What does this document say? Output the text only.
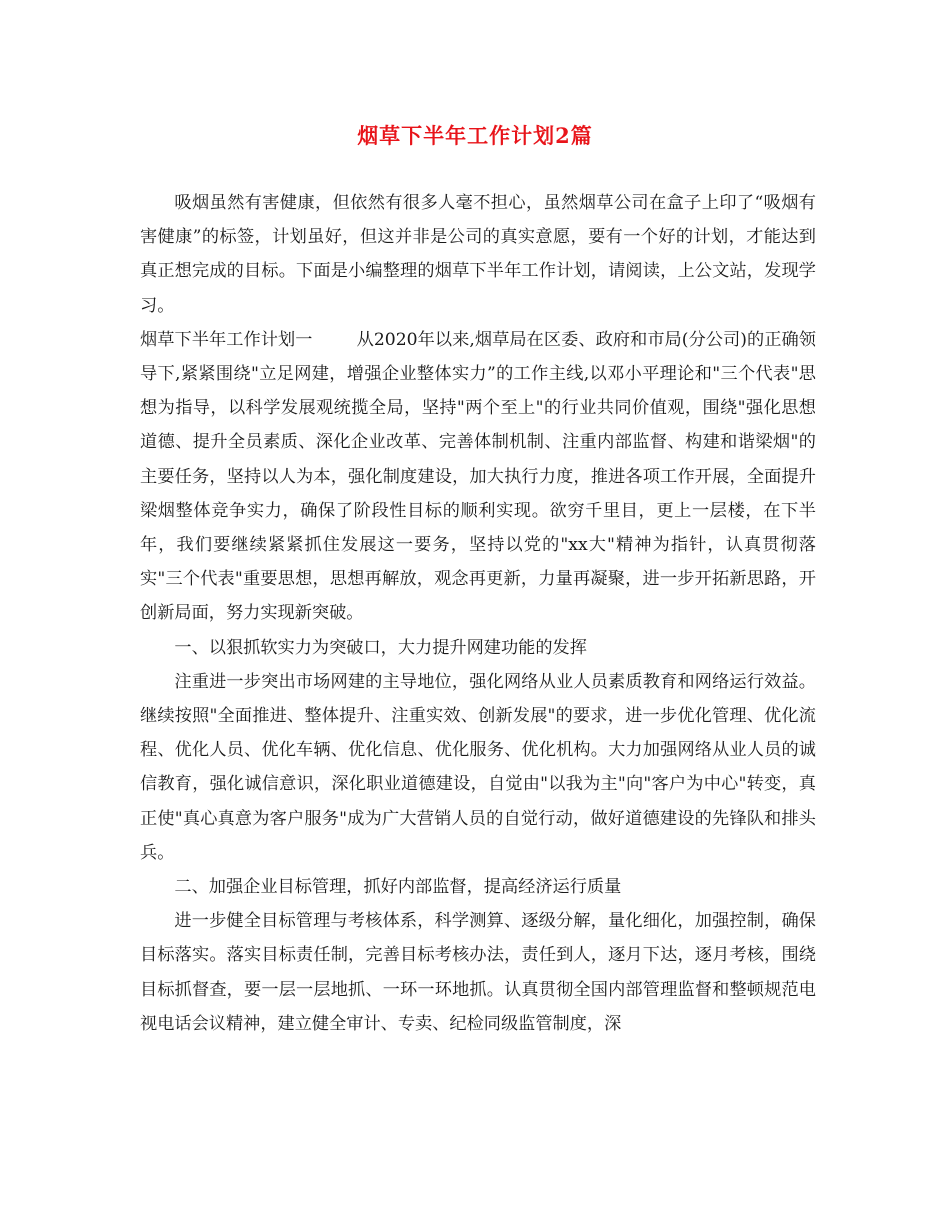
烟草下半年工作计划2篇

吸烟虽然有害健康，但依然有很多人毫不担心，虽然烟草公司在盒子上印了“吸烟有害健康”的标签，计划虽好，但这并非是公司的真实意愿，要有一个好的计划，才能达到真正想完成的目标。下面是小编整理的烟草下半年工作计划，请阅读，上公文站，发现学习。

烟草下半年工作计划一	从2020年以来,烟草局在区委、政府和市局(分公司)的正确领导下,紧紧围绕"立足网建，增强企业整体实力”的工作主线,以邓小平理论和"三个代表"思想为指导，以科学发展观统揽全局，坚持"两个至上"的行业共同价值观，围绕"强化思想道德、提升全员素质、深化企业改革、完善体制机制、注重内部监督、构建和谐梁烟"的主要任务，坚持以人为本，强化制度建设，加大执行力度，推进各项工作开展，全面提升梁烟整体竞争实力，确保了阶段性目标的顺利实现。欲穷千里目，更上一层楼，在下半年，我们要继续紧紧抓住发展这一要务，坚持以党的"xx大"精神为指针，认真贯彻落实"三个代表"重要思想，思想再解放，观念再更新，力量再凝聚，进一步开拓新思路，开创新局面，努力实现新突破。

一、以狠抓软实力为突破口，大力提升网建功能的发挥

注重进一步突出市场网建的主导地位，强化网络从业人员素质教育和网络运行效益。继续按照"全面推进、整体提升、注重实效、创新发展"的要求，进一步优化管理、优化流程、优化人员、优化车辆、优化信息、优化服务、优化机构。大力加强网络从业人员的诚信教育，强化诚信意识，深化职业道德建设，自觉由"以我为主"向"客户为中心"转变，真正使"真心真意为客户服务"成为广大营销人员的自觉行动，做好道德建设的先锋队和排头兵。

二、加强企业目标管理，抓好内部监督，提高经济运行质量

进一步健全目标管理与考核体系，科学测算、逐级分解，量化细化，加强控制，确保目标落实。落实目标责任制，完善目标考核办法，责任到人，逐月下达，逐月考核，围绕目标抓督查，要一层一层地抓、一环一环地抓。认真贯彻全国内部管理监督和整顿规范电视电话会议精神，建立健全审计、专卖、纪检同级监管制度，深
